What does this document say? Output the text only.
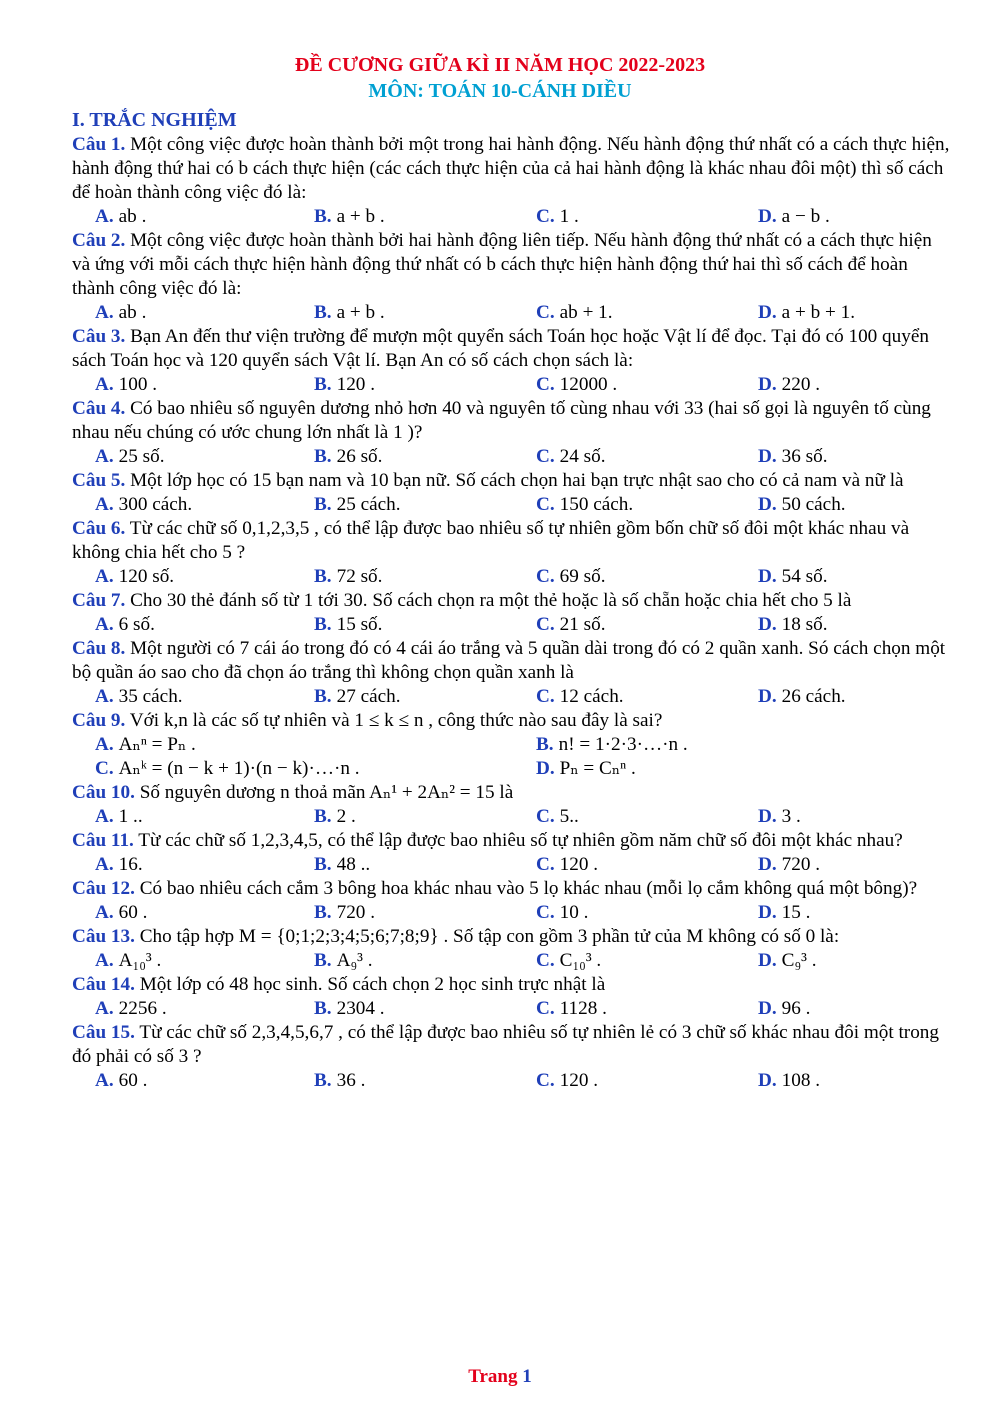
ĐỀ CƯƠNG GIỮA KÌ II NĂM HỌC 2022-2023
MÔN: TOÁN 10-CÁNH DIỀU
I. TRẮC NGHIỆM
Câu 1. Một công việc được hoàn thành bởi một trong hai hành động. Nếu hành động thứ nhất có a cách thực hiện, hành động thứ hai có b cách thực hiện (các cách thực hiện của cả hai hành động là khác nhau đôi một) thì số cách để hoàn thành công việc đó là:
A. ab .	B. a + b .	C. 1 .	D. a − b .
Câu 2. Một công việc được hoàn thành bởi hai hành động liên tiếp. Nếu hành động thứ nhất có a cách thực hiện và ứng với mỗi cách thực hiện hành động thứ nhất có b cách thực hiện hành động thứ hai thì số cách để hoàn thành công việc đó là:
A. ab .	B. a + b .	C. ab + 1.	D. a + b + 1.
Câu 3. Bạn An đến thư viện trường để mượn một quyển sách Toán học hoặc Vật lí để đọc. Tại đó có 100 quyển sách Toán học và 120 quyển sách Vật lí. Bạn An có số cách chọn sách là:
A. 100 .	B. 120 .	C. 12000 .	D. 220 .
Câu 4. Có bao nhiêu số nguyên dương nhỏ hơn 40 và nguyên tố cùng nhau với 33 (hai số gọi là nguyên tố cùng nhau nếu chúng có ước chung lớn nhất là 1 )?
A. 25 số.	B. 26 số.	C. 24 số.	D. 36 số.
Câu 5. Một lớp học có 15 bạn nam và 10 bạn nữ. Số cách chọn hai bạn trực nhật sao cho có cả nam và nữ là
A. 300 cách.	B. 25 cách.	C. 150 cách.	D. 50 cách.
Câu 6. Từ các chữ số 0,1,2,3,5 , có thể lập được bao nhiêu số tự nhiên gồm bốn chữ số đôi một khác nhau và không chia hết cho 5 ?
A. 120 số.	B. 72 số.	C. 69 số.	D. 54 số.
Câu 7. Cho 30 thẻ đánh số từ 1 tới 30. Số cách chọn ra một thẻ hoặc là số chẵn hoặc chia hết cho 5 là
A. 6 số.	B. 15 số.	C. 21 số.	D. 18 số.
Câu 8. Một người có 7 cái áo trong đó có 4 cái áo trắng và 5 quần dài trong đó có 2 quần xanh. Só cách chọn một bộ quần áo sao cho đã chọn áo trắng thì không chọn quần xanh là
A. 35 cách.	B. 27 cách.	C. 12 cách.	D. 26 cách.
Câu 9. Với k,n là các số tự nhiên và 1 ≤ k ≤ n , công thức nào sau đây là sai?
A. Aₙⁿ = Pₙ .	B. n! = 1·2·3·…·n .
C. Aₙᵏ = (n − k + 1)·(n − k)·…·n .	D. Pₙ = Cₙⁿ .
Câu 10. Số nguyên dương n thoả mãn Aₙ¹ + 2Aₙ² = 15 là
A. 1 ..	B. 2 .	C. 5..	D. 3 .
Câu 11. Từ các chữ số 1,2,3,4,5, có thể lập được bao nhiêu số tự nhiên gồm năm chữ số đôi một khác nhau?
A. 16.	B. 48 ..	C. 120 .	D. 720 .
Câu 12. Có bao nhiêu cách cắm 3 bông hoa khác nhau vào 5 lọ khác nhau (mỗi lọ cắm không quá một bông)?
A. 60 .	B. 720 .	C. 10 .	D. 15 .
Câu 13. Cho tập hợp M = {0;1;2;3;4;5;6;7;8;9} . Số tập con gồm 3 phần tử của M không có số 0 là:
A. A₁₀³ .	B. A₉³ .	C. C₁₀³ .	D. C₉³ .
Câu 14. Một lớp có 48 học sinh. Số cách chọn 2 học sinh trực nhật là
A. 2256 .	B. 2304 .	C. 1128 .	D. 96 .
Câu 15. Từ các chữ số 2,3,4,5,6,7 , có thể lập được bao nhiêu số tự nhiên lẻ có 3 chữ số khác nhau đôi một trong đó phải có số 3 ?
A. 60 .	B. 36 .	C. 120 .	D. 108 .
Trang 1
